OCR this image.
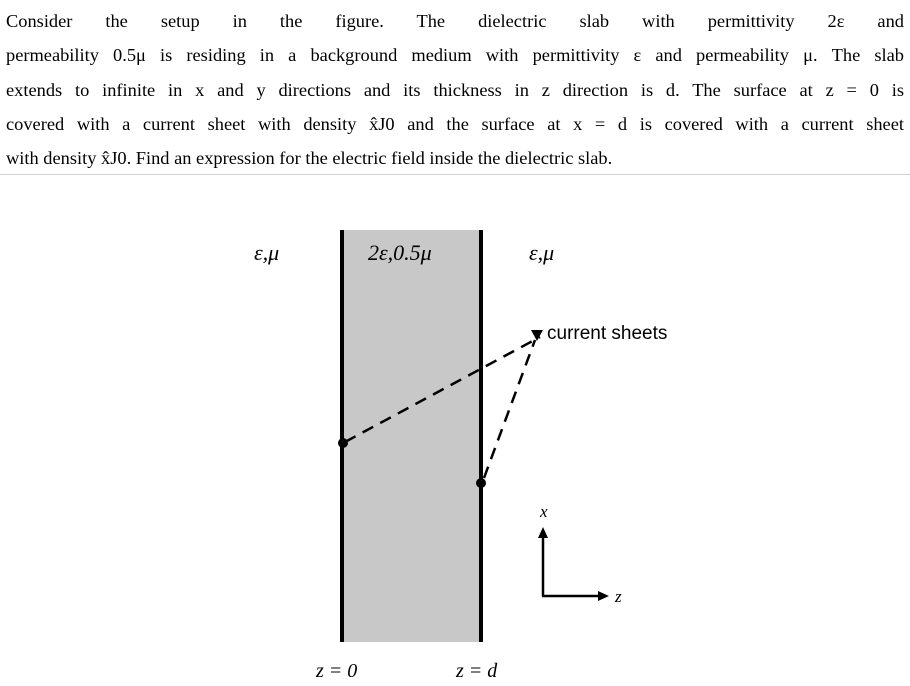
Consider the setup in the figure. The dielectric slab with permittivity 2ε and
permeability 0.5μ is residing in a background medium with permittivity ε and permeability μ. The slab
extends to infinite in x and y directions and its thickness in z direction is d. The surface at z = 0 is
covered with a current sheet with density x̂J0 and the surface at x = d is covered with a current sheet
with density x̂J0. Find an expression for the electric field inside the dielectric slab.
ε,μ	2ε,0.5μ	ε,μ
current sheets
x
z
z = 0	z = d
